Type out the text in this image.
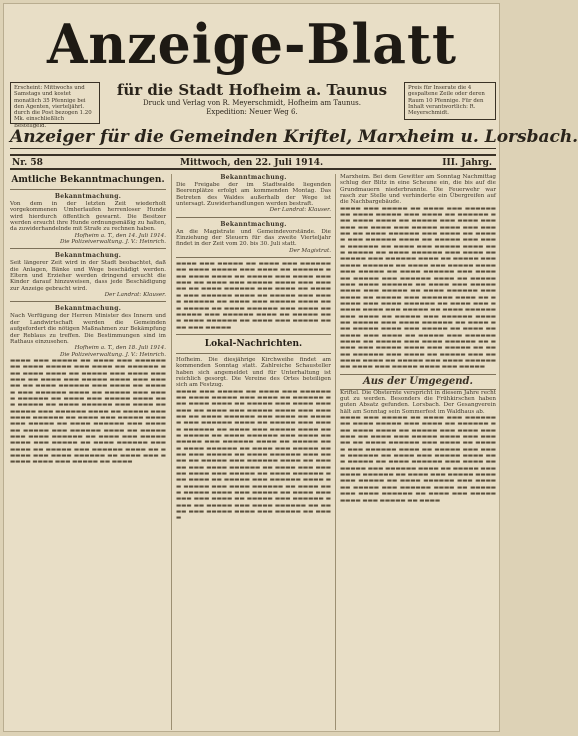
Anzeige-Blatt
Erscheint: Mittwochs und Samstags und kostet monatlich 35 Pfennige bei den Agenten, vierteljährl. durch die Post bezogen 1.20 Mk. einschließlich Bestellgeld.
für die Stadt Hofheim a. Taunus
Druck und Verlag von R. Meyerschmidt, Hofheim am Taunus.
Expedition: Neuer Weg 6.
Preis für Inserate die 4 gespaltene Zeile oder deren Raum 10 Pfennige. Für den Inhalt verantwortlich: R. Meyerschmidt.
Anzeiger für die Gemeinden Kriftel, Marxheim u. Lorsbach.
Nr. 58	Mittwoch, den 22. Juli 1914.	III. Jahrg.
Amtliche Bekanntmachungen.
Bekanntmachung.

Von dem in der letzten Zeit wiederholt vorgekommenen Umherlaufen herrenloser Hunde wird hierdurch öffentlich gewarnt. Die Besitzer werden ersucht ihre Hunde ordnungsmäßig zu halten, da zuwiderhandelnde mit Strafe zu rechnen haben.

Hofheim a. T., den 14. Juli 1914.

Die Polizeiverwaltung. J. V.: Heinrich.

Bekanntmachung.

Seit längerer Zeit wird in der Stadt beobachtet, daß die Anlagen, Bänke und Wege beschädigt werden. Eltern und Erzieher werden dringend ersucht die Kinder darauf hinzuweisen, dass jede Beschädigung zur Anzeige gebracht wird.

Der Landrat: Klauser.

Bekanntmachung.

Nach Verfügung der Herren Minister des Innern und der Landwirtschaft werden die Gemeinden aufgefordert die nötigen Maßnahmen zur Bekämpfung der Reblaus zu treffen. Die Bestimmungen sind im Rathaus einzusehen.

Hofheim a. T., den 18. Juli 1914.

Die Polizeiverwaltung. J. V.: Heinrich.

▬▬▬▬ ▬▬▬ ▬▬▬▬▬ ▬▬ ▬▬▬▬ ▬▬▬ ▬▬▬▬▬▬ ▬▬ ▬▬▬▬ ▬▬▬▬▬ ▬▬▬ ▬▬▬▬ ▬▬ ▬▬▬▬▬▬ ▬▬▬ ▬▬▬▬ ▬▬▬▬ ▬▬ ▬▬▬▬▬ ▬▬▬ ▬▬▬▬ ▬▬▬▬▬▬ ▬▬ ▬▬▬▬ ▬▬▬ ▬▬▬▬▬ ▬▬▬▬ ▬▬▬ ▬▬▬▬▬ ▬▬ ▬▬▬▬ ▬▬▬▬▬▬ ▬▬▬ ▬▬▬▬ ▬▬ ▬▬▬▬▬ ▬▬▬ ▬▬▬▬▬▬ ▬▬▬▬ ▬▬ ▬▬▬▬▬ ▬▬▬ ▬▬▬▬ ▬▬▬▬▬▬ ▬▬ ▬▬▬▬ ▬▬▬ ▬▬▬▬▬ ▬▬▬▬ ▬▬▬ ▬▬▬▬▬ ▬▬ ▬▬▬▬ ▬▬▬▬▬▬ ▬▬▬ ▬▬▬▬ ▬▬ ▬▬▬▬▬ ▬▬▬ ▬▬▬▬▬▬ ▬▬▬▬ ▬▬ ▬▬▬▬▬ ▬▬▬ ▬▬▬▬ ▬▬▬▬▬▬ ▬▬ ▬▬▬▬ ▬▬▬ ▬▬▬▬▬ ▬▬▬▬ ▬▬▬ ▬▬▬▬▬ ▬▬ ▬▬▬▬ ▬▬▬▬▬▬ ▬▬▬ ▬▬▬▬ ▬▬ ▬▬▬▬▬ ▬▬▬ ▬▬▬▬▬▬ ▬▬▬▬ ▬▬ ▬▬▬▬▬ ▬▬▬ ▬▬▬▬ ▬▬▬▬▬▬ ▬▬ ▬▬▬▬ ▬▬▬ ▬▬▬▬▬ ▬▬▬▬ ▬▬▬ ▬▬▬▬▬ ▬▬ ▬▬▬▬ ▬▬▬▬▬▬ ▬▬▬ ▬▬▬▬ ▬▬ ▬▬▬▬▬ ▬▬▬ ▬▬▬▬▬▬ ▬▬▬▬ ▬▬ ▬▬▬▬▬ ▬▬▬ ▬▬▬▬ ▬▬▬▬▬▬ ▬▬ ▬▬▬▬ ▬▬▬ ▬▬▬▬▬ ▬▬▬▬ ▬▬▬ ▬▬▬▬▬ ▬▬ ▬▬▬▬
Bekanntmachung.

Die Freigabe der im Stadtwalde liegenden Beerenplätze erfolgt am kommenden Montag. Das Betreten des Waldes außerhalb der Wege ist untersagt. Zuwiderhandlungen werden bestraft.

Der Landrat: Klauser.

Bekanntmachung.

An die Magistrate und Gemeindevorstände. Die Einziehung der Steuern für das zweite Vierteljahr findet in der Zeit vom 20. bis 30. Juli statt.

Der Magistrat.

▬▬▬▬ ▬▬▬ ▬▬▬▬▬ ▬▬ ▬▬▬▬ ▬▬▬ ▬▬▬▬▬▬ ▬▬ ▬▬▬▬ ▬▬▬▬▬ ▬▬▬ ▬▬▬▬ ▬▬ ▬▬▬▬▬▬ ▬▬▬ ▬▬▬▬ ▬▬▬▬ ▬▬ ▬▬▬▬▬ ▬▬▬ ▬▬▬▬ ▬▬▬▬▬▬ ▬▬ ▬▬▬▬ ▬▬▬ ▬▬▬▬▬ ▬▬▬▬ ▬▬▬ ▬▬▬▬▬ ▬▬ ▬▬▬▬ ▬▬▬▬▬▬ ▬▬▬ ▬▬▬▬ ▬▬ ▬▬▬▬▬ ▬▬▬ ▬▬▬▬▬▬ ▬▬▬▬ ▬▬ ▬▬▬▬▬ ▬▬▬ ▬▬▬▬ ▬▬▬▬▬▬ ▬▬ ▬▬▬▬ ▬▬▬ ▬▬▬▬▬ ▬▬▬▬ ▬▬▬ ▬▬▬▬▬ ▬▬ ▬▬▬▬ ▬▬▬▬▬▬ ▬▬▬ ▬▬▬▬ ▬▬ ▬▬▬▬▬ ▬▬▬ ▬▬▬▬▬▬ ▬▬▬▬ ▬▬ ▬▬▬▬▬ ▬▬▬ ▬▬▬▬ ▬▬▬▬▬▬ ▬▬ ▬▬▬▬ ▬▬▬ ▬▬▬▬▬ ▬▬▬▬ ▬▬▬ ▬▬▬▬▬
Lokal-Nachrichten.

Hofheim. Die diesjährige Kirchweihe findet am kommenden Sonntag statt. Zahlreiche Schausteller haben sich angemeldet und für Unterhaltung ist reichlich gesorgt. Die Vereine des Ortes beteiligen sich am Festzug.

▬▬▬▬ ▬▬▬ ▬▬▬▬▬ ▬▬ ▬▬▬▬ ▬▬▬ ▬▬▬▬▬▬ ▬▬ ▬▬▬▬ ▬▬▬▬▬ ▬▬▬ ▬▬▬▬ ▬▬ ▬▬▬▬▬▬ ▬▬▬ ▬▬▬▬ ▬▬▬▬ ▬▬ ▬▬▬▬▬ ▬▬▬ ▬▬▬▬ ▬▬▬▬▬▬ ▬▬ ▬▬▬▬ ▬▬▬ ▬▬▬▬▬ ▬▬▬▬ ▬▬▬ ▬▬▬▬▬ ▬▬ ▬▬▬▬ ▬▬▬▬▬▬ ▬▬▬ ▬▬▬▬ ▬▬ ▬▬▬▬▬ ▬▬▬ ▬▬▬▬▬▬ ▬▬▬▬ ▬▬ ▬▬▬▬▬ ▬▬▬ ▬▬▬▬ ▬▬▬▬▬▬ ▬▬ ▬▬▬▬ ▬▬▬ ▬▬▬▬▬ ▬▬▬▬ ▬▬▬ ▬▬▬▬▬ ▬▬ ▬▬▬▬ ▬▬▬▬▬▬ ▬▬▬ ▬▬▬▬ ▬▬ ▬▬▬▬▬ ▬▬▬ ▬▬▬▬▬▬ ▬▬▬▬ ▬▬ ▬▬▬▬▬ ▬▬▬ ▬▬▬▬ ▬▬▬▬▬▬ ▬▬ ▬▬▬▬ ▬▬▬ ▬▬▬▬▬ ▬▬▬▬ ▬▬▬ ▬▬▬▬▬ ▬▬ ▬▬▬▬ ▬▬▬▬▬▬ ▬▬▬ ▬▬▬▬ ▬▬ ▬▬▬▬▬ ▬▬▬ ▬▬▬▬▬▬ ▬▬▬▬ ▬▬ ▬▬▬▬▬ ▬▬▬ ▬▬▬▬ ▬▬▬▬▬▬ ▬▬ ▬▬▬▬ ▬▬▬ ▬▬▬▬▬ ▬▬▬▬ ▬▬▬ ▬▬▬▬▬ ▬▬ ▬▬▬▬ ▬▬▬▬▬▬ ▬▬▬ ▬▬▬▬ ▬▬ ▬▬▬▬▬ ▬▬▬ ▬▬▬▬▬▬ ▬▬▬▬ ▬▬ ▬▬▬▬▬ ▬▬▬ ▬▬▬▬ ▬▬▬▬▬▬ ▬▬ ▬▬▬▬ ▬▬▬ ▬▬▬▬▬ ▬▬▬▬ ▬▬▬ ▬▬▬▬▬ ▬▬ ▬▬▬▬ ▬▬▬▬▬▬ ▬▬▬ ▬▬▬▬ ▬▬ ▬▬▬▬▬ ▬▬▬ ▬▬▬▬▬▬ ▬▬▬▬ ▬▬ ▬▬▬▬▬ ▬▬▬ ▬▬▬▬ ▬▬▬▬▬▬ ▬▬ ▬▬▬▬ ▬▬▬ ▬▬▬▬▬ ▬▬▬▬ ▬▬▬ ▬▬▬▬▬ ▬▬ ▬▬▬▬

Marxheim. Bei dem Gewitter am Sonntag Nachmittag schlug der Blitz in eine Scheune ein, die bis auf die Grundmauern niederbrannte. Die Feuerwehr war rasch zur Stelle und verhinderte ein Übergreifen auf die Nachbargebäude.

▬▬▬▬ ▬▬▬ ▬▬▬▬▬ ▬▬ ▬▬▬▬ ▬▬▬ ▬▬▬▬▬▬ ▬▬ ▬▬▬▬ ▬▬▬▬▬ ▬▬▬ ▬▬▬▬ ▬▬ ▬▬▬▬▬▬ ▬▬▬ ▬▬▬▬ ▬▬▬▬ ▬▬ ▬▬▬▬▬ ▬▬▬ ▬▬▬▬ ▬▬▬▬▬▬ ▬▬ ▬▬▬▬ ▬▬▬ ▬▬▬▬▬ ▬▬▬▬ ▬▬▬ ▬▬▬▬▬ ▬▬ ▬▬▬▬ ▬▬▬▬▬▬ ▬▬▬ ▬▬▬▬ ▬▬ ▬▬▬▬▬ ▬▬▬ ▬▬▬▬▬▬ ▬▬▬▬ ▬▬ ▬▬▬▬▬ ▬▬▬ ▬▬▬▬ ▬▬▬▬▬▬ ▬▬ ▬▬▬▬ ▬▬▬ ▬▬▬▬▬ ▬▬▬▬ ▬▬▬ ▬▬▬▬▬ ▬▬ ▬▬▬▬ ▬▬▬▬▬▬ ▬▬▬ ▬▬▬▬ ▬▬ ▬▬▬▬▬ ▬▬▬ ▬▬▬▬▬▬ ▬▬▬▬ ▬▬ ▬▬▬▬▬ ▬▬▬ ▬▬▬▬ ▬▬▬▬▬▬ ▬▬ ▬▬▬▬ ▬▬▬ ▬▬▬▬▬ ▬▬▬▬ ▬▬▬ ▬▬▬▬▬ ▬▬ ▬▬▬▬ ▬▬▬▬▬▬ ▬▬▬ ▬▬▬▬ ▬▬ ▬▬▬▬▬ ▬▬▬ ▬▬▬▬▬▬ ▬▬▬▬ ▬▬ ▬▬▬▬▬ ▬▬▬ ▬▬▬▬ ▬▬▬▬▬▬ ▬▬ ▬▬▬▬ ▬▬▬ ▬▬▬▬▬ ▬▬▬▬ ▬▬▬ ▬▬▬▬▬ ▬▬ ▬▬▬▬ ▬▬▬▬▬▬ ▬▬▬ ▬▬▬▬ ▬▬ ▬▬▬▬▬ ▬▬▬ ▬▬▬▬▬▬ ▬▬▬▬ ▬▬ ▬▬▬▬▬ ▬▬▬ ▬▬▬▬ ▬▬▬▬▬▬ ▬▬ ▬▬▬▬ ▬▬▬ ▬▬▬▬▬ ▬▬▬▬ ▬▬▬ ▬▬▬▬▬ ▬▬ ▬▬▬▬ ▬▬▬▬▬▬ ▬▬▬ ▬▬▬▬ ▬▬ ▬▬▬▬▬ ▬▬▬ ▬▬▬▬▬▬ ▬▬▬▬ ▬▬ ▬▬▬▬▬ ▬▬▬ ▬▬▬▬ ▬▬▬▬▬▬ ▬▬ ▬▬▬▬ ▬▬▬ ▬▬▬▬▬ ▬▬▬▬ ▬▬▬ ▬▬▬▬▬ ▬▬ ▬▬▬▬ ▬▬▬▬▬▬ ▬▬▬ ▬▬▬▬ ▬▬ ▬▬▬▬▬ ▬▬▬ ▬▬▬▬▬▬ ▬▬▬▬ ▬▬ ▬▬▬▬▬ ▬▬▬ ▬▬▬▬ ▬▬▬▬▬▬ ▬▬ ▬▬▬▬ ▬▬▬ ▬▬▬▬▬ ▬▬▬▬ ▬▬▬ ▬▬▬▬▬ ▬▬ ▬▬▬▬ ▬▬▬▬▬▬ ▬▬▬ ▬▬▬▬ ▬▬ ▬▬▬▬▬ ▬▬▬ ▬▬▬▬▬▬ ▬▬▬▬ ▬▬ ▬▬▬▬▬ ▬▬▬ ▬▬▬▬ ▬▬▬▬▬▬ ▬▬ ▬▬▬▬ ▬▬▬ ▬▬▬▬▬ ▬▬▬▬ ▬▬▬ ▬▬▬▬▬
Aus der Umgegend.

Kriftel. Die Obsternte verspricht in diesem Jahre recht gut zu werden. Besonders die Frühkirschen haben guten Absatz gefunden. Lorsbach. Der Gesangverein hält am Sonntag sein Sommerfest im Waldhaus ab.

▬▬▬▬ ▬▬▬ ▬▬▬▬▬ ▬▬ ▬▬▬▬ ▬▬▬ ▬▬▬▬▬▬ ▬▬ ▬▬▬▬ ▬▬▬▬▬ ▬▬▬ ▬▬▬▬ ▬▬ ▬▬▬▬▬▬ ▬▬▬ ▬▬▬▬ ▬▬▬▬ ▬▬ ▬▬▬▬▬ ▬▬▬ ▬▬▬▬ ▬▬▬▬▬▬ ▬▬ ▬▬▬▬ ▬▬▬ ▬▬▬▬▬ ▬▬▬▬ ▬▬▬ ▬▬▬▬▬ ▬▬ ▬▬▬▬ ▬▬▬▬▬▬ ▬▬▬ ▬▬▬▬ ▬▬ ▬▬▬▬▬ ▬▬▬ ▬▬▬▬▬▬ ▬▬▬▬ ▬▬ ▬▬▬▬▬ ▬▬▬ ▬▬▬▬ ▬▬▬▬▬▬ ▬▬ ▬▬▬▬ ▬▬▬ ▬▬▬▬▬ ▬▬▬▬ ▬▬▬ ▬▬▬▬▬ ▬▬ ▬▬▬▬ ▬▬▬▬▬▬ ▬▬▬ ▬▬▬▬ ▬▬ ▬▬▬▬▬ ▬▬▬ ▬▬▬▬▬▬ ▬▬▬▬ ▬▬ ▬▬▬▬▬ ▬▬▬ ▬▬▬▬ ▬▬▬▬▬▬ ▬▬ ▬▬▬▬ ▬▬▬ ▬▬▬▬▬ ▬▬▬▬ ▬▬▬ ▬▬▬▬▬ ▬▬ ▬▬▬▬ ▬▬▬▬▬▬ ▬▬▬ ▬▬▬▬ ▬▬ ▬▬▬▬▬ ▬▬▬ ▬▬▬▬▬▬ ▬▬▬▬ ▬▬ ▬▬▬▬▬ ▬▬▬ ▬▬▬▬ ▬▬▬▬▬▬ ▬▬ ▬▬▬▬ ▬▬▬ ▬▬▬▬▬ ▬▬▬▬ ▬▬▬ ▬▬▬▬▬ ▬▬ ▬▬▬▬
